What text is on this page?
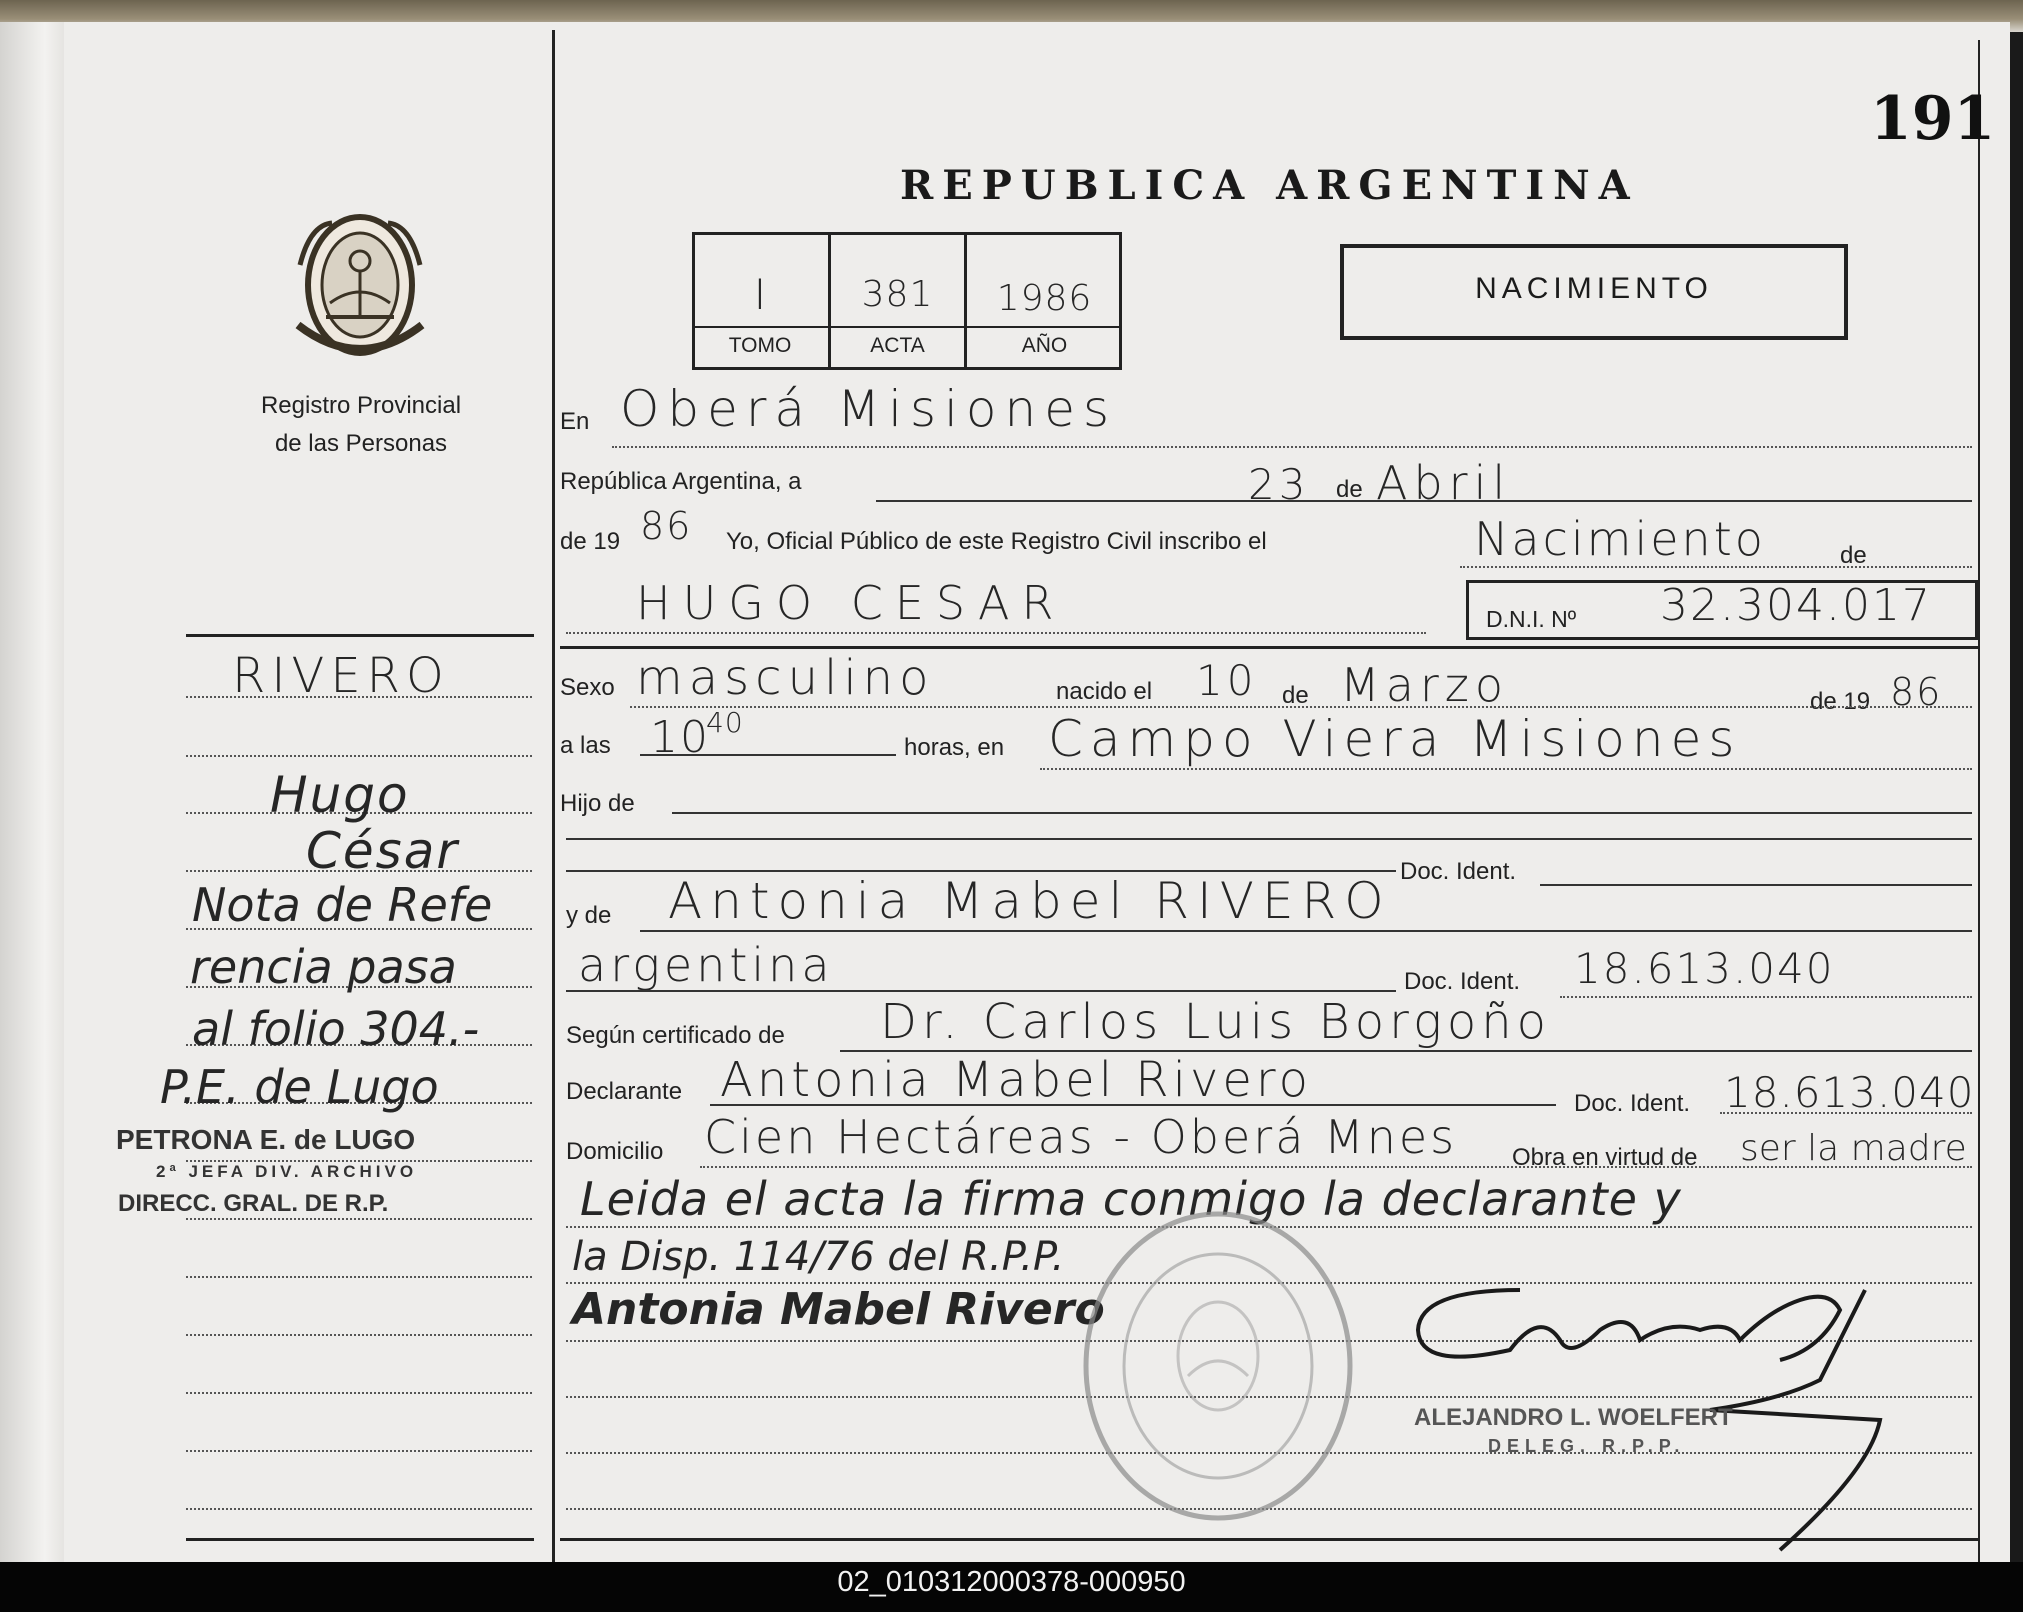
191
REPUBLICA ARGENTINA
NACIMIENTO
I	381	1986
TOMO	ACTA	AÑO
Registro Provincial
de las Personas
RIVERO
Hugo
César
Nota de Refe
rencia pasa
al folio 304.-
P.E. de Lugo
PETRONA E. de LUGO
2ª JEFA DIV. ARCHIVO
DIRECC. GRAL. DE R.P.
En Oberá Misiones
República Argentina, a	23 de Abril
de 19 86 Yo, Oficial Público de este Registro Civil inscribo el	Nacimiento	de
HUGO CESAR	D.N.I. Nº 32.304.017
Sexo masculino	nacido el 10 de Marzo	de 19 86
a las 10
40
horas, en Campo Viera Misiones
Hijo de
Doc. Ident.
y de Antonia Mabel RIVERO
argentina	Doc. Ident. 18.613.040
Según certificado de Dr. Carlos Luis Borgoño
Declarante Antonia Mabel Rivero	Doc. Ident. 18.613.040
Domicilio Cien Hectáreas - Oberá Mnes Obra en virtud de ser la madre
Leida el acta la firma conmigo la declarante y
la Disp. 114/76 del R.P.P.
Antonia Mabel Rivero
ALEJANDRO L. WOELFERT
DELEG. R.P.P.
02_010312000378-000950
